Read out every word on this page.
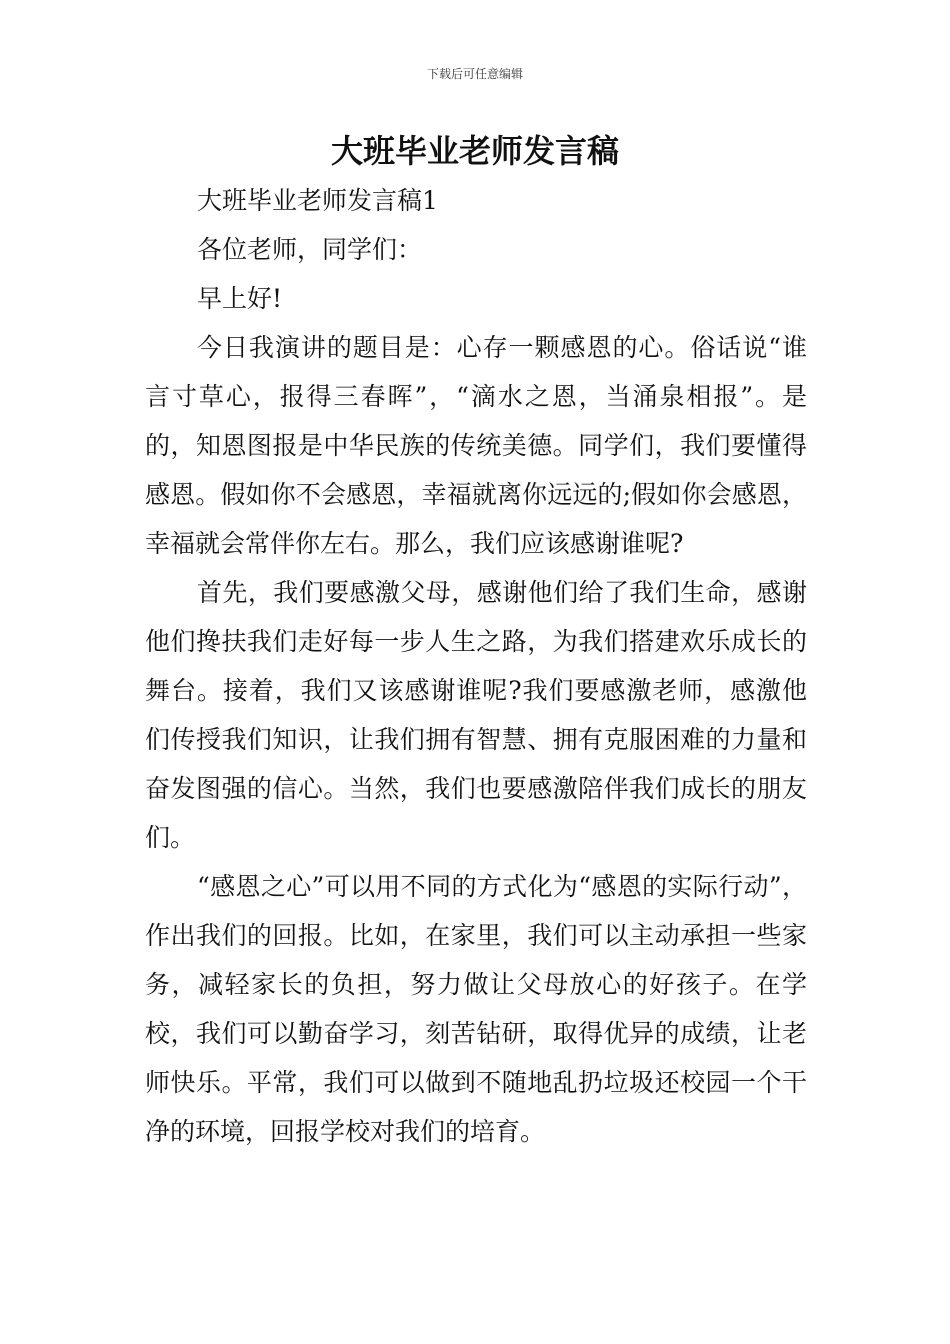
下载后可任意编辑
大班毕业老师发言稿

大班毕业老师发言稿1

各位老师，同学们：

早上好!

今日我演讲的题目是：心存一颗感恩的心。俗话说“谁言寸草心，报得三春晖”，“滴水之恩，当涌泉相报”。是的，知恩图报是中华民族的传统美德。同学们，我们要懂得感恩。假如你不会感恩，幸福就离你远远的;假如你会感恩，幸福就会常伴你左右。那么，我们应该感谢谁呢?

首先，我们要感激父母，感谢他们给了我们生命，感谢他们搀扶我们走好每一步人生之路，为我们搭建欢乐成长的舞台。接着，我们又该感谢谁呢?我们要感激老师，感激他们传授我们知识，让我们拥有智慧、拥有克服困难的力量和奋发图强的信心。当然，我们也要感激陪伴我们成长的朋友们。

“感恩之心”可以用不同的方式化为“感恩的实际行动”，作出我们的回报。比如，在家里，我们可以主动承担一些家务，减轻家长的负担，努力做让父母放心的好孩子。在学校，我们可以勤奋学习，刻苦钻研，取得优异的成绩，让老师快乐。平常，我们可以做到不随地乱扔垃圾还校园一个干净的环境，回报学校对我们的培育。
